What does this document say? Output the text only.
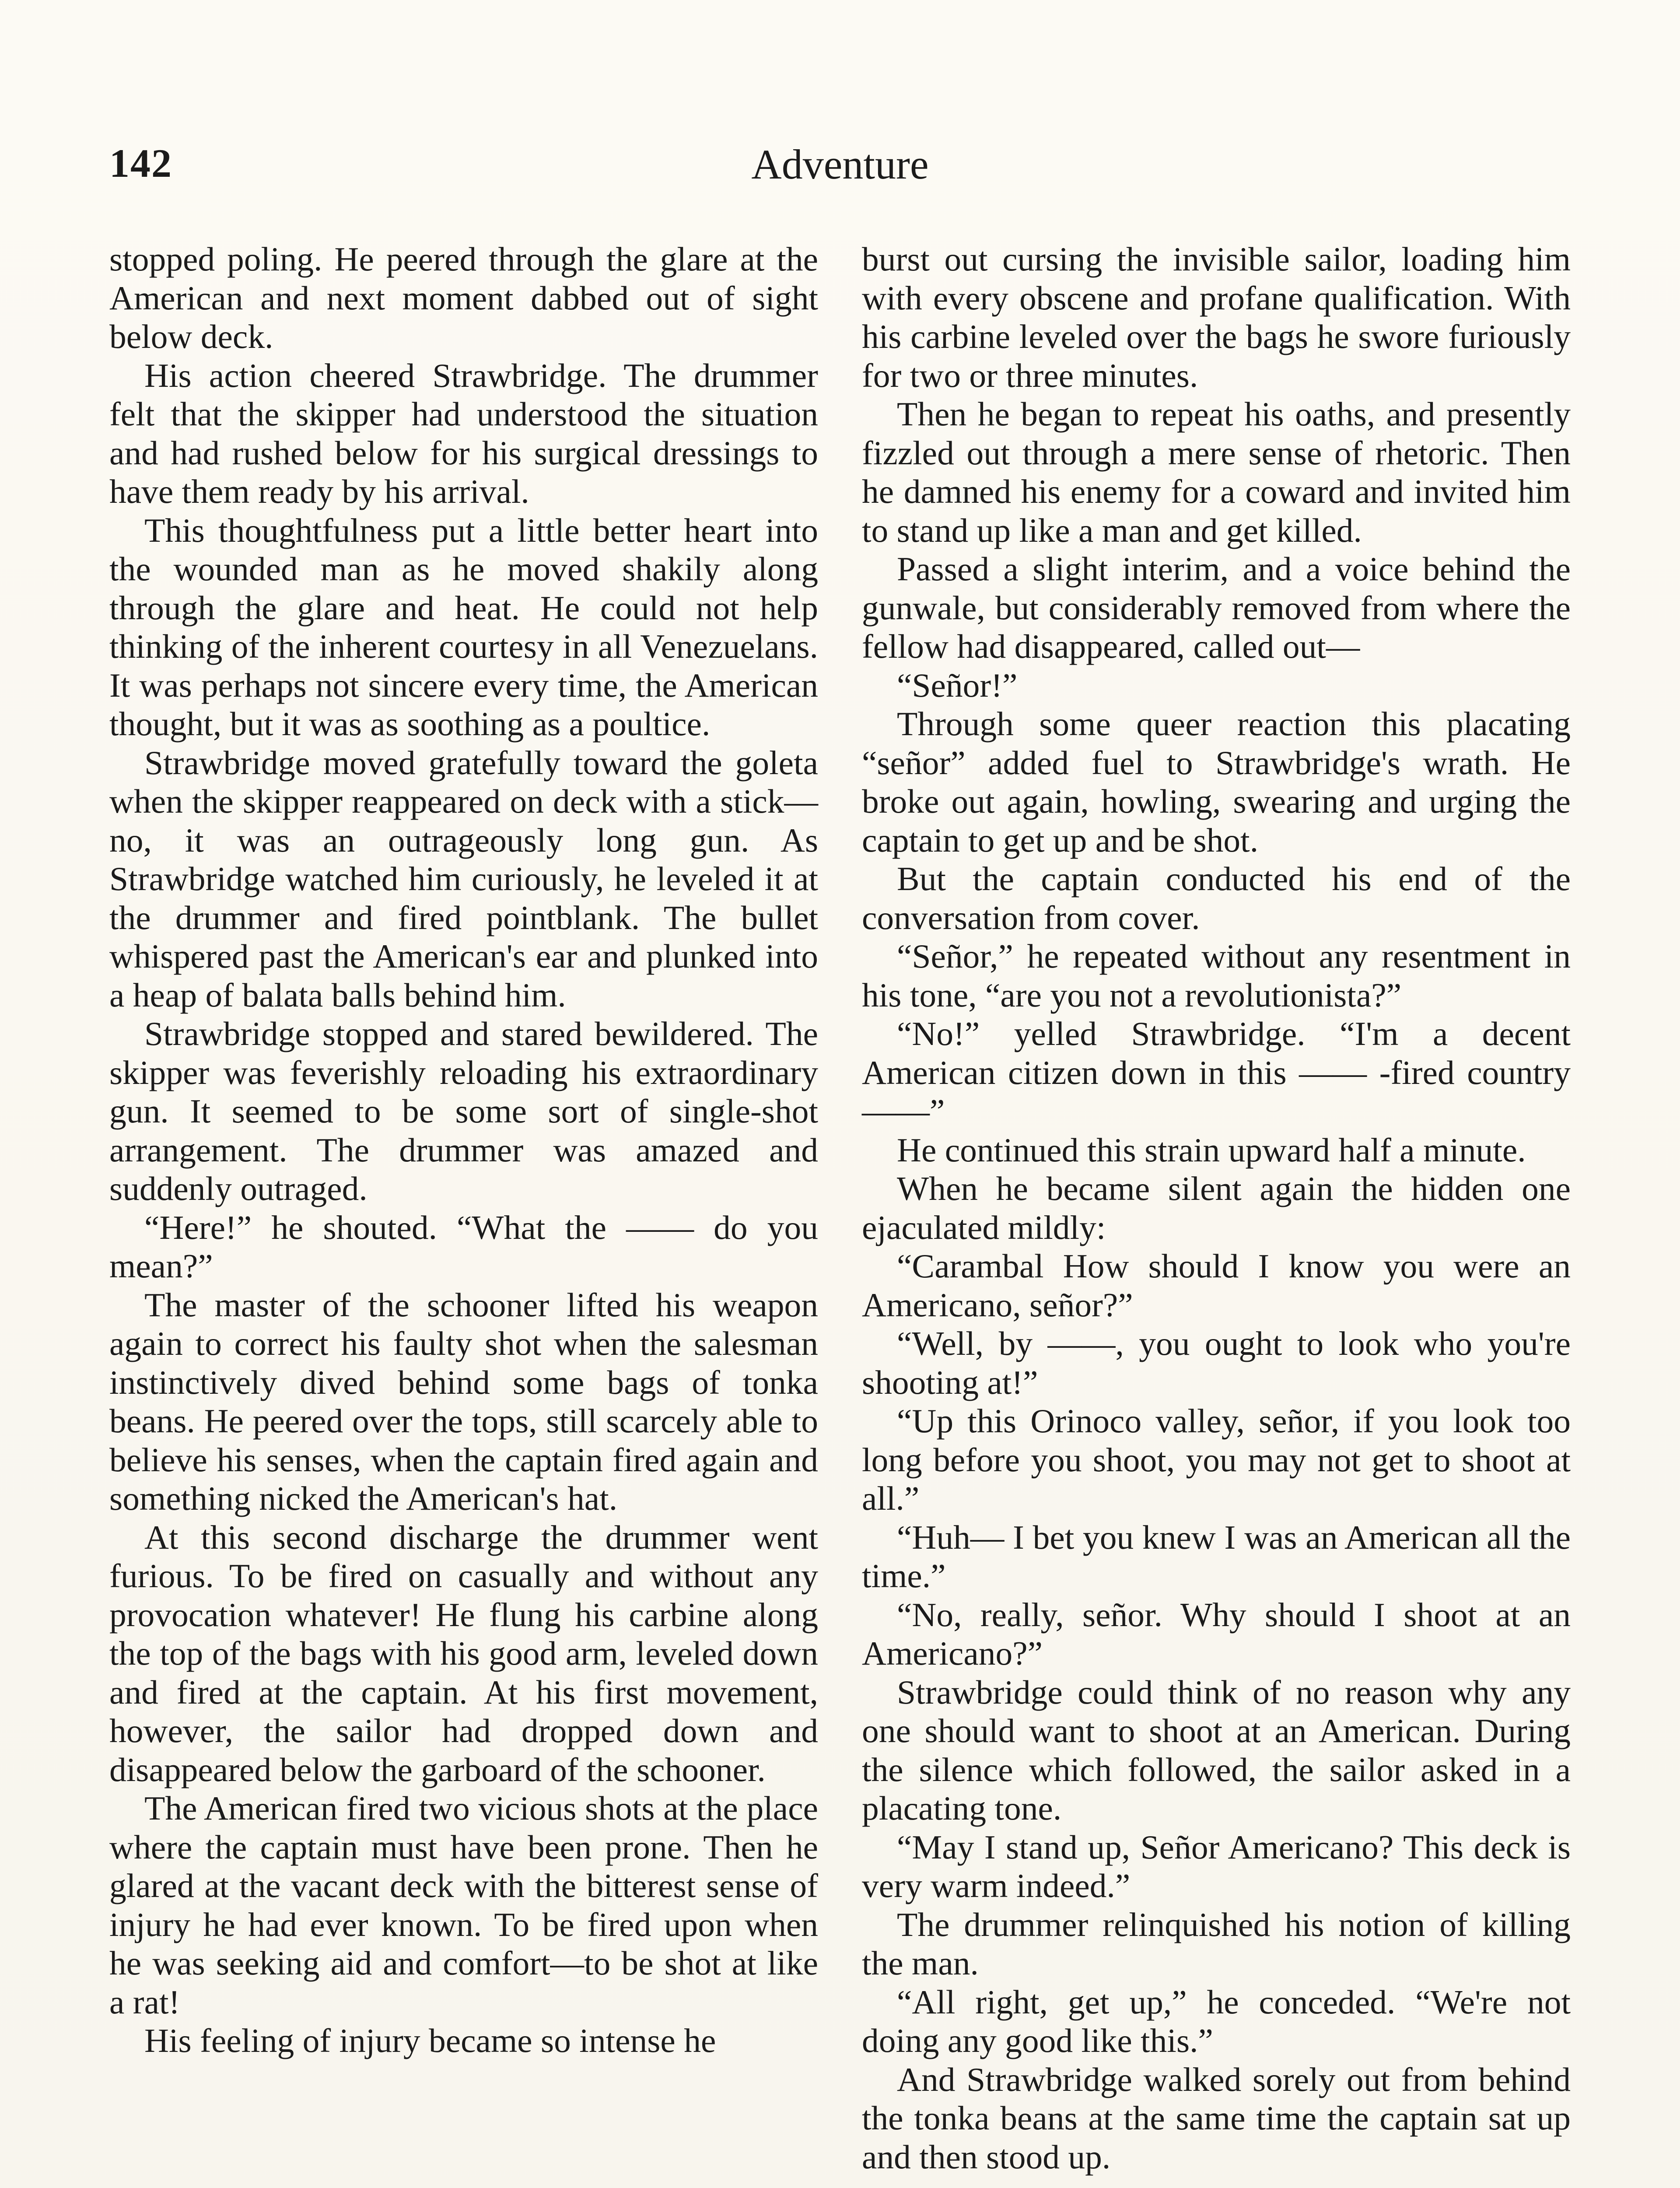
142	Adventure

stopped poling. He peered through the glare at the American and next moment dabbed out of sight below deck.

His action cheered Strawbridge. The drummer felt that the skipper had understood the situation and had rushed below for his surgical dressings to have them ready by his arrival.

This thoughtfulness put a little better heart into the wounded man as he moved shakily along through the glare and heat. He could not help thinking of the inherent courtesy in all Venezuelans. It was perhaps not sincere every time, the American thought, but it was as soothing as a poultice.

Strawbridge moved gratefully toward the goleta when the skipper reappeared on deck with a stick—no, it was an outrageously long gun. As Strawbridge watched him curiously, he leveled it at the drummer and fired pointblank. The bullet whispered past the American's ear and plunked into a heap of balata balls behind him.

Strawbridge stopped and stared bewildered. The skipper was feverishly reloading his extraordinary gun. It seemed to be some sort of single-shot arrangement. The drummer was amazed and suddenly outraged.

“Here!” he shouted. “What the —— do you mean?”

The master of the schooner lifted his weapon again to correct his faulty shot when the salesman instinctively dived behind some bags of tonka beans. He peered over the tops, still scarcely able to believe his senses, when the captain fired again and something nicked the American's hat.

At this second discharge the drummer went furious. To be fired on casually and without any provocation whatever! He flung his carbine along the top of the bags with his good arm, leveled down and fired at the captain. At his first movement, however, the sailor had dropped down and disappeared below the garboard of the schooner.

The American fired two vicious shots at the place where the captain must have been prone. Then he glared at the vacant deck with the bitterest sense of injury he had ever known. To be fired upon when he was seeking aid and comfort—to be shot at like a rat!

His feeling of injury became so intense he

burst out cursing the invisible sailor, loading him with every obscene and profane qualification. With his carbine leveled over the bags he swore furiously for two or three minutes.

Then he began to repeat his oaths, and presently fizzled out through a mere sense of rhetoric. Then he damned his enemy for a coward and invited him to stand up like a man and get killed.

Passed a slight interim, and a voice behind the gunwale, but considerably removed from where the fellow had disappeared, called out—

“Señor!”

Through some queer reaction this placating “señor” added fuel to Strawbridge's wrath. He broke out again, howling, swearing and urging the captain to get up and be shot.

But the captain conducted his end of the conversation from cover.

“Señor,” he repeated without any resentment in his tone, “are you not a revolutionista?”

“No!” yelled Strawbridge. “I'm a decent American citizen down in this —— -fired country——”

He continued this strain upward half a minute.

When he became silent again the hidden one ejaculated mildly:

“Carambal How should I know you were an Americano, señor?”

“Well, by ——, you ought to look who you're shooting at!”

“Up this Orinoco valley, señor, if you look too long before you shoot, you may not get to shoot at all.”

“Huh— I bet you knew I was an American all the time.”

“No, really, señor. Why should I shoot at an Americano?”

Strawbridge could think of no reason why any one should want to shoot at an American. During the silence which followed, the sailor asked in a placating tone.

“May I stand up, Señor Americano? This deck is very warm indeed.”

The drummer relinquished his notion of killing the man.

“All right, get up,” he conceded. “We're not doing any good like this.”

And Strawbridge walked sorely out from behind the tonka beans at the same time the captain sat up and then stood up.
